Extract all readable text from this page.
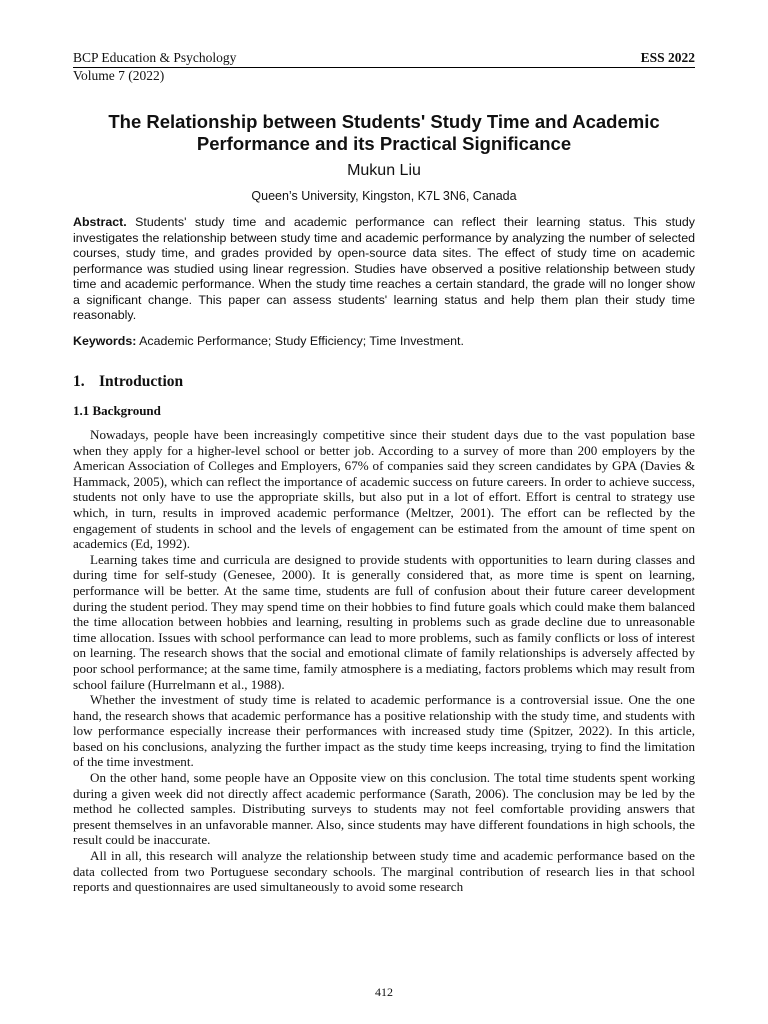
BCP Education & Psychology	ESS 2022
Volume 7 (2022)
The Relationship between Students' Study Time and Academic
Performance and its Practical Significance
Mukun Liu
Queen’s University, Kingston, K7L 3N6, Canada
Abstract. Students' study time and academic performance can reflect their learning status. This study investigates the relationship between study time and academic performance by analyzing the number of selected courses, study time, and grades provided by open-source data sites. The effect of study time on academic performance was studied using linear regression. Studies have observed a positive relationship between study time and academic performance. When the study time reaches a certain standard, the grade will no longer show a significant change. This paper can assess students' learning status and help them plan their study time reasonably.
Keywords: Academic Performance; Study Efficiency; Time Investment.
1. Introduction
1.1 Background

Nowadays, people have been increasingly competitive since their student days due to the vast population base when they apply for a higher-level school or better job. According to a survey of more than 200 employers by the American Association of Colleges and Employers, 67% of companies said they screen candidates by GPA (Davies & Hammack, 2005), which can reflect the importance of academic success on future careers. In order to achieve success, students not only have to use the appropriate skills, but also put in a lot of effort. Effort is central to strategy use which, in turn, results in improved academic performance (Meltzer, 2001). The effort can be reflected by the engagement of students in school and the levels of engagement can be estimated from the amount of time spent on academics (Ed, 1992).

Learning takes time and curricula are designed to provide students with opportunities to learn during classes and during time for self-study (Genesee, 2000). It is generally considered that, as more time is spent on learning, performance will be better. At the same time, students are full of confusion about their future career development during the student period. They may spend time on their hobbies to find future goals which could make them balanced the time allocation between hobbies and learning, resulting in problems such as grade decline due to unreasonable time allocation. Issues with school performance can lead to more problems, such as family conflicts or loss of interest on learning. The research shows that the social and emotional climate of family relationships is adversely affected by poor school performance; at the same time, family atmosphere is a mediating, factors problems which may result from school failure (Hurrelmann et al., 1988).

Whether the investment of study time is related to academic performance is a controversial issue. One the one hand, the research shows that academic performance has a positive relationship with the study time, and students with low performance especially increase their performances with increased study time (Spitzer, 2022). In this article, based on his conclusions, analyzing the further impact as the study time keeps increasing, trying to find the limitation of the time investment.

On the other hand, some people have an Opposite view on this conclusion. The total time students spent working during a given week did not directly affect academic performance (Sarath, 2006). The conclusion may be led by the method he collected samples. Distributing surveys to students may not feel comfortable providing answers that present themselves in an unfavorable manner. Also, since students may have different foundations in high schools, the result could be inaccurate.

All in all, this research will analyze the relationship between study time and academic performance based on the data collected from two Portuguese secondary schools. The marginal contribution of research lies in that school reports and questionnaires are used simultaneously to avoid some research

412
